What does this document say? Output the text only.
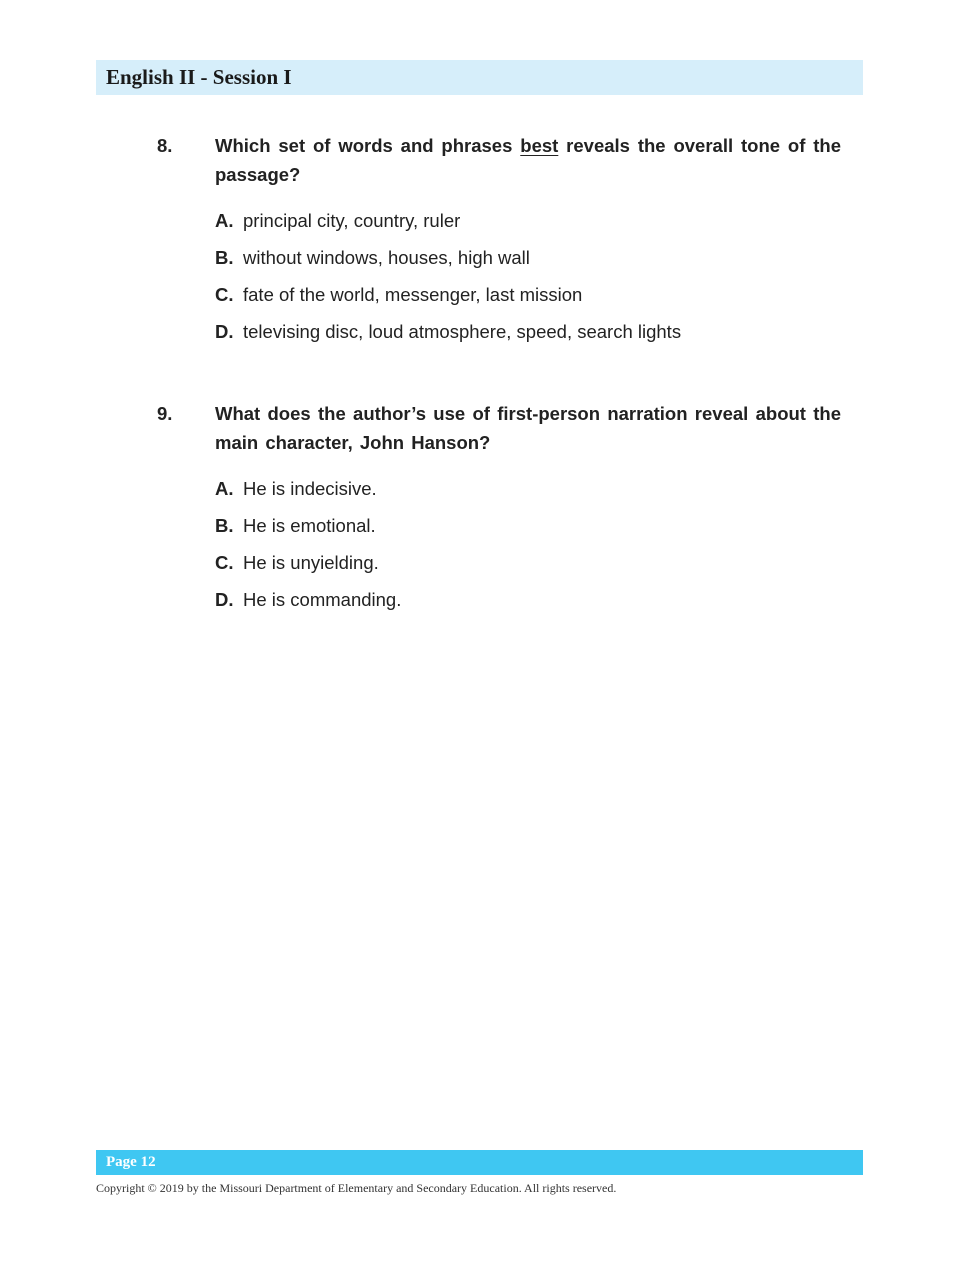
English II - Session I
8.	Which set of words and phrases best reveals the overall tone of the passage?
A. principal city, country, ruler
B. without windows, houses, high wall
C. fate of the world, messenger, last mission
D. televising disc, loud atmosphere, speed, search lights
9.	What does the author’s use of first-person narration reveal about the main character, John Hanson?
A. He is indecisive.
B. He is emotional.
C. He is unyielding.
D. He is commanding.
Page 12
Copyright © 2019 by the Missouri Department of Elementary and Secondary Education. All rights reserved.
